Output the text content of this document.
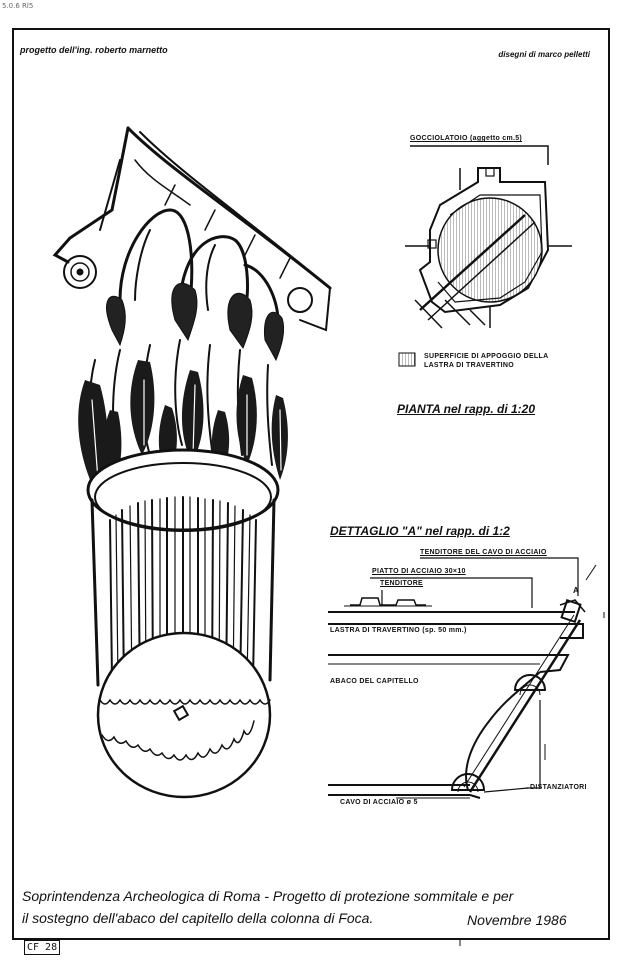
5.0.6 Rl5
progetto dell'ing. roberto marnetto	disegni di marco pelletti
GOCCIOLATOIO (aggetto cm.5)
SUPERFICIE DI APPOGGIO DELLA
LASTRA DI TRAVERTINO
PIANTA nel rapp. di 1:20
DETTAGLIO "A" nel rapp. di 1:2
TENDITORE DEL CAVO DI ACCIAIO
PIATTO DI ACCIAIO 30×10
TENDITORE
LASTRA DI TRAVERTINO (sp. 50 mm.)
ABACO DEL CAPITELLO
DISTANZIATORI
CAVO DI ACCIAIO ø 5
A
Soprintendenza Archeologica di Roma - Progetto di protezione sommitale e per
il sostegno dell'abaco del capitello della colonna di Foca.	Novembre 1986
CF 28
